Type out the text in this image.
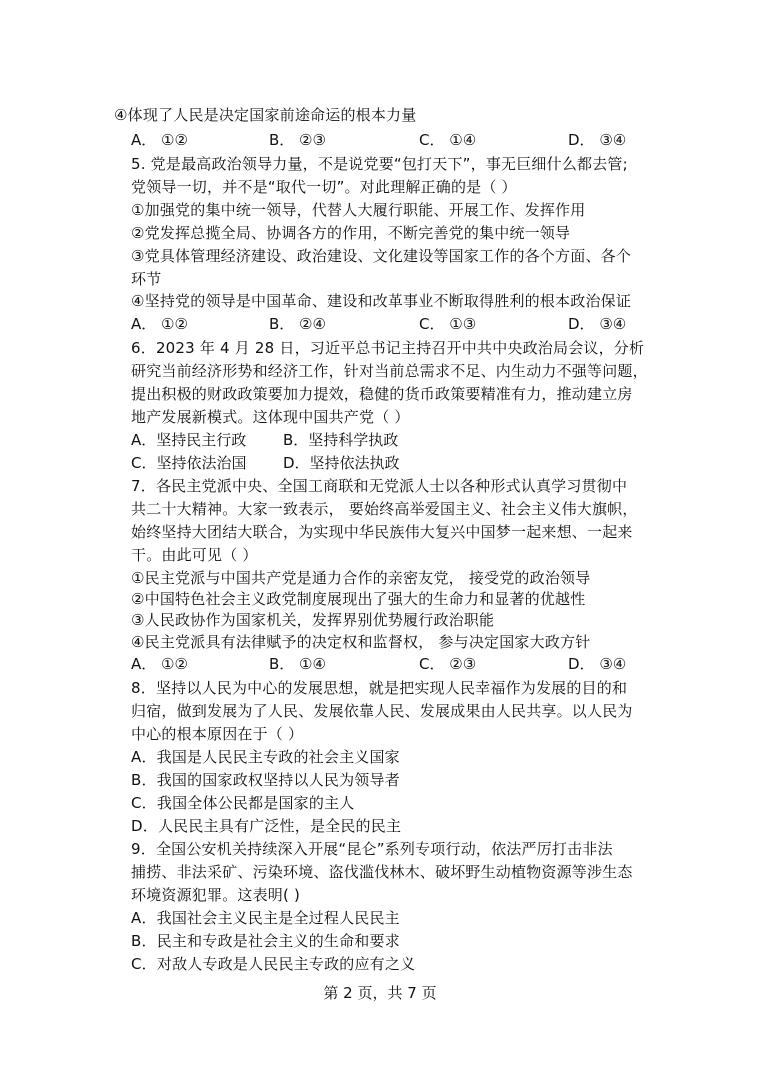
④体现了人民是决定国家前途命运的根本力量
A． ①②	B． ②③	C． ①④	D． ③④
5. 党是最高政治领导力量，不是说党要“包打天下”，事无巨细什么都去管;
党领导一切，并不是“取代一切”。对此理解正确的是（ ）
①加强党的集中统一领导，代替人大履行职能、开展工作、发挥作用
②党发挥总揽全局、协调各方的作用，不断完善党的集中统一领导
③党具体管理经济建设、政治建设、文化建设等国家工作的各个方面、各个
环节
④坚持党的领导是中国革命、建设和改革事业不断取得胜利的根本政治保证
A． ①②	B． ②④	C． ①③	D． ③④
6．2023 年 4 月 28 日，习近平总书记主持召开中共中央政治局会议，分析
研究当前经济形势和经济工作，针对当前总需求不足、内生动力不强等问题，
提出积极的财政政策要加力提效，稳健的货币政策要精准有力，推动建立房
地产发展新模式。这体现中国共产党（ ）
A．坚持民主行政 B．坚持科学执政
C．坚持依法治国 D．坚持依法执政
7．各民主党派中央、全国工商联和无党派人士以各种形式认真学习贯彻中
共二十大精神。大家一致表示， 要始终高举爱国主义、社会主义伟大旗帜，
始终坚持大团结大联合，为实现中华民族伟大复兴中国梦一起来想、一起来
干。由此可见（ ）
①民主党派与中国共产党是通力合作的亲密友党， 接受党的政治领导
②中国特色社会主义政党制度展现出了强大的生命力和显著的优越性
③人民政协作为国家机关，发挥界别优势履行政治职能
④民主党派具有法律赋予的决定权和监督权， 参与决定国家大政方针
A． ①②	B． ①④	C． ②③	D． ③④
8．坚持以人民为中心的发展思想，就是把实现人民幸福作为发展的目的和
归宿，做到发展为了人民、发展依靠人民、发展成果由人民共享。以人民为
中心的根本原因在于（ ）
A．我国是人民民主专政的社会主义国家
B．我国的国家政权坚持以人民为领导者
C．我国全体公民都是国家的主人
D．人民民主具有广泛性，是全民的民主
9．全国公安机关持续深入开展“昆仑”系列专项行动，依法严厉打击非法
捕捞、非法采矿、污染环境、盗伐滥伐林木、破坏野生动植物资源等涉生态
环境资源犯罪。这表明( )
A．我国社会主义民主是全过程人民民主
B．民主和专政是社会主义的生命和要求
C．对敌人专政是人民民主专政的应有之义
第 2 页，共 7 页
